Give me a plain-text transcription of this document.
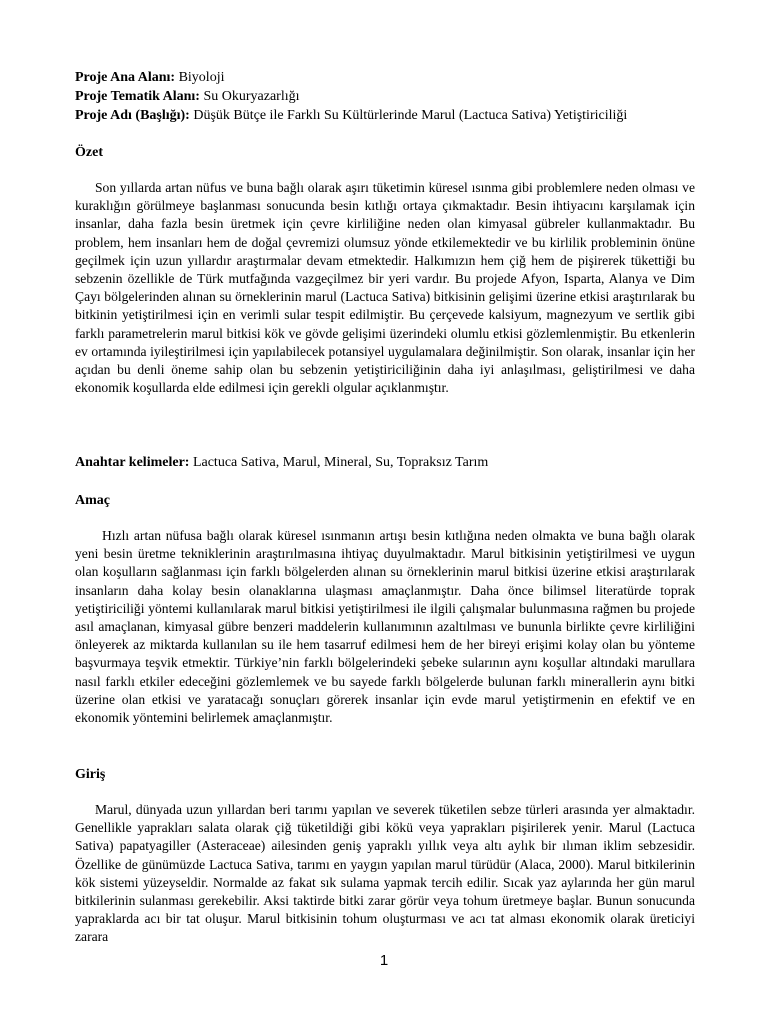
Proje Ana Alanı: Biyoloji
Proje Tematik Alanı: Su Okuryazarlığı
Proje Adı (Başlığı): Düşük Bütçe ile Farklı Su Kültürlerinde Marul (Lactuca Sativa) Yetiştiriciliği
Özet

Son yıllarda artan nüfus ve buna bağlı olarak aşırı tüketimin küresel ısınma gibi problemlere neden olması ve kuraklığın görülmeye başlanması sonucunda besin kıtlığı ortaya çıkmaktadır. Besin ihtiyacını karşılamak için insanlar, daha fazla besin üretmek için çevre kirliliğine neden olan kimyasal gübreler kullanmaktadır. Bu problem, hem insanları hem de doğal çevremizi olumsuz yönde etkilemektedir ve bu kirlilik probleminin önüne geçilmek için uzun yıllardır araştırmalar devam etmektedir. Halkımızın hem çiğ hem de pişirerek tükettiği bu sebzenin özellikle de Türk mutfağında vazgeçilmez bir yeri vardır. Bu projede Afyon, Isparta, Alanya ve Dim Çayı bölgelerinden alınan su örneklerinin marul (Lactuca Sativa) bitkisinin gelişimi üzerine etkisi araştırılarak bu bitkinin yetiştirilmesi için en verimli sular tespit edilmiştir. Bu çerçevede kalsiyum, magnezyum ve sertlik gibi farklı parametrelerin marul bitkisi kök ve gövde gelişimi üzerindeki olumlu etkisi gözlemlenmiştir. Bu etkenlerin ev ortamında iyileştirilmesi için yapılabilecek potansiyel uygulamalara değinilmiştir. Son olarak, insanlar için her açıdan bu denli öneme sahip olan bu sebzenin yetiştiriciliğinin daha iyi anlaşılması, geliştirilmesi ve daha ekonomik koşullarda elde edilmesi için gerekli olgular açıklanmıştır.

Anahtar kelimeler: Lactuca Sativa, Marul, Mineral, Su, Topraksız Tarım
Amaç

Hızlı artan nüfusa bağlı olarak küresel ısınmanın artışı besin kıtlığına neden olmakta ve buna bağlı olarak yeni besin üretme tekniklerinin araştırılmasına ihtiyaç duyulmaktadır. Marul bitkisinin yetiştirilmesi ve uygun olan koşulların sağlanması için farklı bölgelerden alınan su örneklerinin marul bitkisi üzerine etkisi araştırılarak insanların daha kolay besin olanaklarına ulaşması amaçlanmıştır. Daha önce bilimsel literatürde toprak yetiştiriciliği yöntemi kullanılarak marul bitkisi yetiştirilmesi ile ilgili çalışmalar bulunmasına rağmen bu projede asıl amaçlanan, kimyasal gübre benzeri maddelerin kullanımının azaltılması ve bununla birlikte çevre kirliliğini önleyerek az miktarda kullanılan su ile hem tasarruf edilmesi hem de her bireyi erişimi kolay olan bu yönteme başvurmaya teşvik etmektir. Türkiye’nin farklı bölgelerindeki şebeke sularının aynı koşullar altındaki marullara nasıl farklı etkiler edeceğini gözlemlemek ve bu sayede farklı bölgelerde bulunan farklı minerallerin aynı bitki üzerine olan etkisi ve yaratacağı sonuçları görerek insanlar için evde marul yetiştirmenin en efektif ve en ekonomik yöntemini belirlemek amaçlanmıştır.

Giriş

Marul, dünyada uzun yıllardan beri tarımı yapılan ve severek tüketilen sebze türleri arasında yer almaktadır. Genellikle yaprakları salata olarak çiğ tüketildiği gibi kökü veya yaprakları pişirilerek yenir. Marul (Lactuca Sativa) papatyagiller (Asteraceae) ailesinden geniş yapraklı yıllık veya altı aylık bir ılıman iklim sebzesidir. Özellike de günümüzde Lactuca Sativa, tarımı en yaygın yapılan marul türüdür (Alaca, 2000). Marul bitkilerinin kök sistemi yüzeyseldir. Normalde az fakat sık sulama yapmak tercih edilir. Sıcak yaz aylarında her gün marul bitkilerinin sulanması gerekebilir. Aksi taktirde bitki zarar görür veya tohum üretmeye başlar. Bunun sonucunda yapraklarda acı bir tat oluşur. Marul bitkisinin tohum oluşturması ve acı tat alması ekonomik olarak üreticiyi zarara

1
